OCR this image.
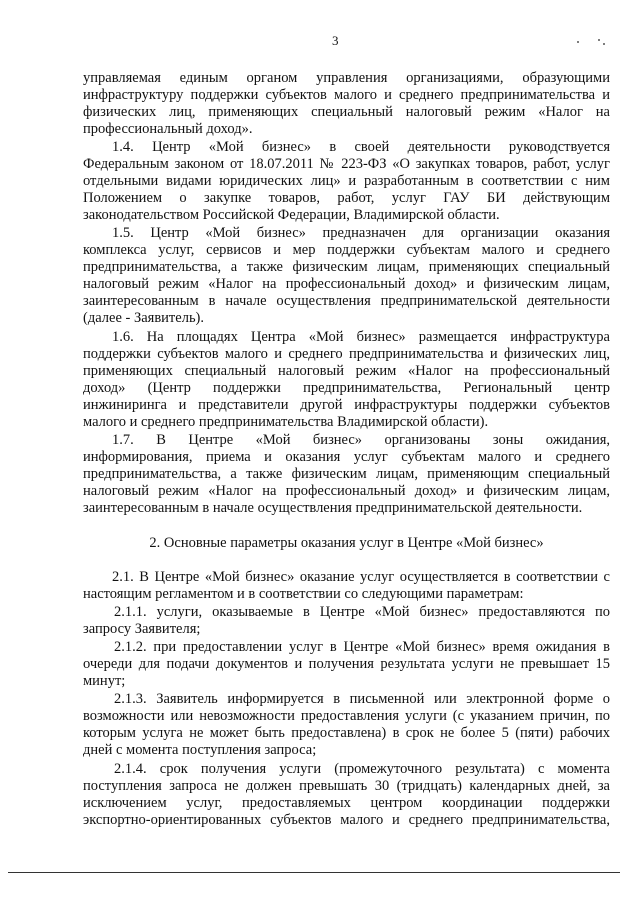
3
управляемая единым органом управления организациями, образующими
инфраструктуру поддержки субъектов малого и среднего предпринимательства и
физических лиц, применяющих специальный налоговый режим «Налог на
профессиональный доход».
1.4. Центр «Мой бизнес» в своей деятельности руководствуется
Федеральным законом от 18.07.2011 № 223-ФЗ «О закупках товаров, работ, услуг
отдельными видами юридических лиц» и разработанным в соответствии с ним
Положением о закупке товаров, работ, услуг ГАУ БИ действующим
законодательством Российской Федерации, Владимирской области.
1.5. Центр «Мой бизнес» предназначен для организации оказания
комплекса услуг, сервисов и мер поддержки субъектам малого и среднего
предпринимательства, а также физическим лицам, применяющих специальный
налоговый режим «Налог на профессиональный доход» и физическим лицам,
заинтересованным в начале осуществления предпринимательской деятельности
(далее - Заявитель).
1.6. На площадях Центра «Мой бизнес» размещается инфраструктура
поддержки субъектов малого и среднего предпринимательства и физических лиц,
применяющих специальный налоговый режим «Налог на профессиональный
доход» (Центр поддержки предпринимательства, Региональный центр
инжиниринга и представители другой инфраструктуры поддержки субъектов
малого и среднего предпринимательства Владимирской области).
1.7. В Центре «Мой бизнес» организованы зоны ожидания,
информирования, приема и оказания услуг субъектам малого и среднего
предпринимательства, а также физическим лицам, применяющим специальный
налоговый режим «Налог на профессиональный доход» и физическим лицам,
заинтересованным в начале осуществления предпринимательской деятельности.
2. Основные параметры оказания услуг в Центре «Мой бизнес»
2.1. В Центре «Мой бизнес» оказание услуг осуществляется в соответствии с
настоящим регламентом и в соответствии со следующими параметрам:
2.1.1. услуги, оказываемые в Центре «Мой бизнес» предоставляются по
запросу Заявителя;
2.1.2. при предоставлении услуг в Центре «Мой бизнес» время ожидания в
очереди для подачи документов и получения результата услуги не превышает 15
минут;
2.1.3. Заявитель информируется в письменной или электронной форме о
возможности или невозможности предоставления услуги (с указанием причин, по
которым услуга не может быть предоставлена) в срок не более 5 (пяти) рабочих
дней с момента поступления запроса;
2.1.4. срок получения услуги (промежуточного результата) с момента
поступления запроса не должен превышать 30 (тридцать) календарных дней, за
исключением услуг, предоставляемых центром координации поддержки
экспортно-ориентированных субъектов малого и среднего предпринимательства,
